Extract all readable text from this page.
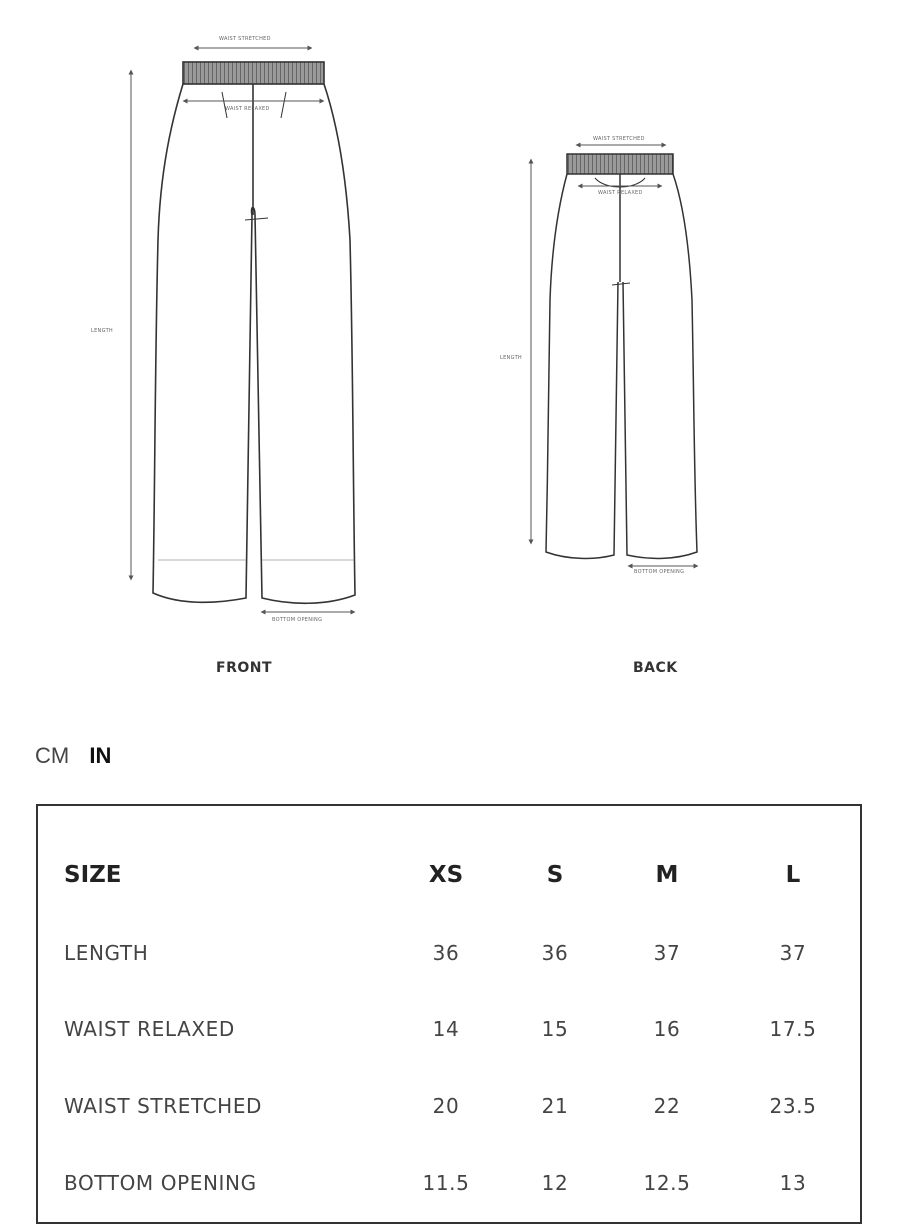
WAIST STRETCHED
WAIST RELAXED
LENGTH
BOTTOM OPENING
WAIST STRETCHED
WAIST RELAXED
LENGTH
BOTTOM OPENING
FRONT	BACK
CM IN
SIZE	XS	S	M	L
LENGTH	36	36	37	37
WAIST RELAXED	14	15	16	17.5
WAIST STRETCHED	20	21	22	23.5
BOTTOM OPENING	11.5	12	12.5	13
